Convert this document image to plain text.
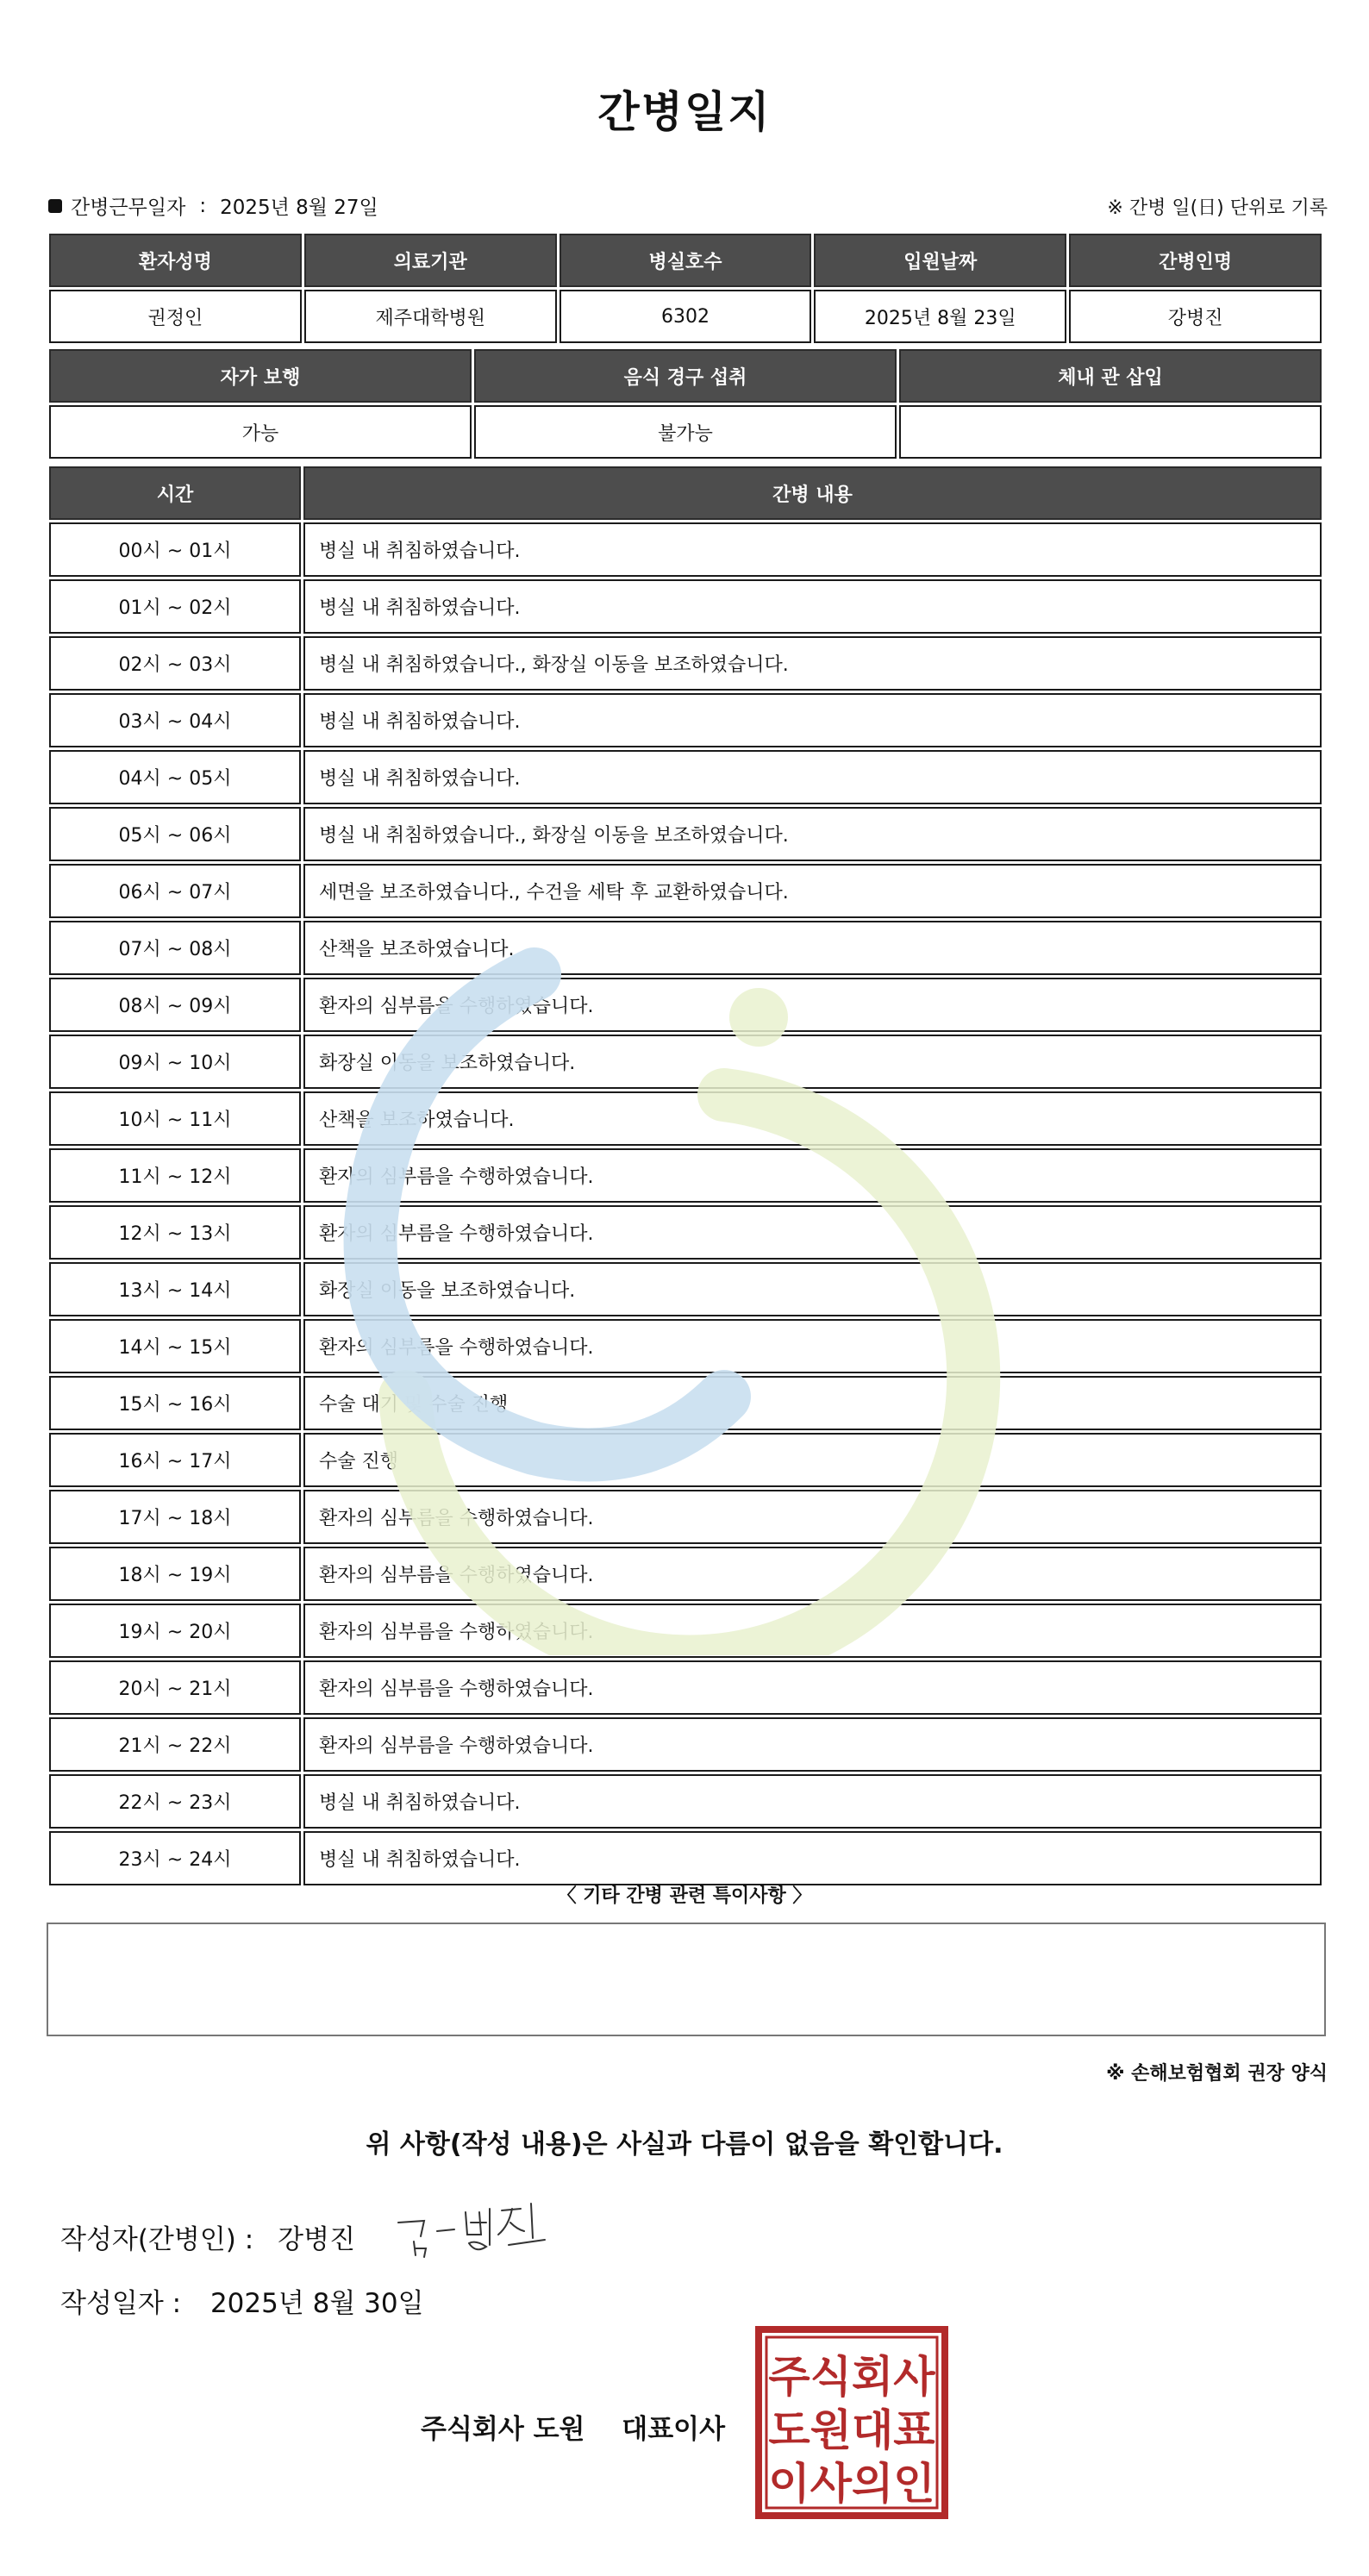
간병일지
간병근무일자 : 2025년 8월 27일	※ 간병 일(日) 단위로 기록
환자성명	의료기관	병실호수	입원날짜	간병인명
권정인	제주대학병원	6302	2025년 8월 23일	강병진
자가 보행	음식 경구 섭취	체내 관 삽입
가능	불가능	
시간	간병 내용
00시 ~ 01시	병실 내 취침하였습니다.
01시 ~ 02시	병실 내 취침하였습니다.
02시 ~ 03시	병실 내 취침하였습니다., 화장실 이동을 보조하였습니다.
03시 ~ 04시	병실 내 취침하였습니다.
04시 ~ 05시	병실 내 취침하였습니다.
05시 ~ 06시	병실 내 취침하였습니다., 화장실 이동을 보조하였습니다.
06시 ~ 07시	세면을 보조하였습니다., 수건을 세탁 후 교환하였습니다.
07시 ~ 08시	산책을 보조하였습니다.
08시 ~ 09시	환자의 심부름을 수행하였습니다.
09시 ~ 10시	화장실 이동을 보조하였습니다.
10시 ~ 11시	산책을 보조하였습니다.
11시 ~ 12시	환자의 심부름을 수행하였습니다.
12시 ~ 13시	환자의 심부름을 수행하였습니다.
13시 ~ 14시	화장실 이동을 보조하였습니다.
14시 ~ 15시	환자의 심부름을 수행하였습니다.
15시 ~ 16시	수술 대기 및 수술 진행
16시 ~ 17시	수술 진행
17시 ~ 18시	환자의 심부름을 수행하였습니다.
18시 ~ 19시	환자의 심부름을 수행하였습니다.
19시 ~ 20시	환자의 심부름을 수행하였습니다.
20시 ~ 21시	환자의 심부름을 수행하였습니다.
21시 ~ 22시	환자의 심부름을 수행하였습니다.
22시 ~ 23시	병실 내 취침하였습니다.
23시 ~ 24시	병실 내 취침하였습니다.
〈 기타 간병 관련 특이사항 〉
※ 손해보험협회 권장 양식
위 사항(작성 내용)은 사실과 다름이 없음을 확인합니다.
작성자(간병인) : 강병진
작성일자 : 2025년 8월 30일
주식회사 도원 대표이사
주식회사
도원대표
이사의인
